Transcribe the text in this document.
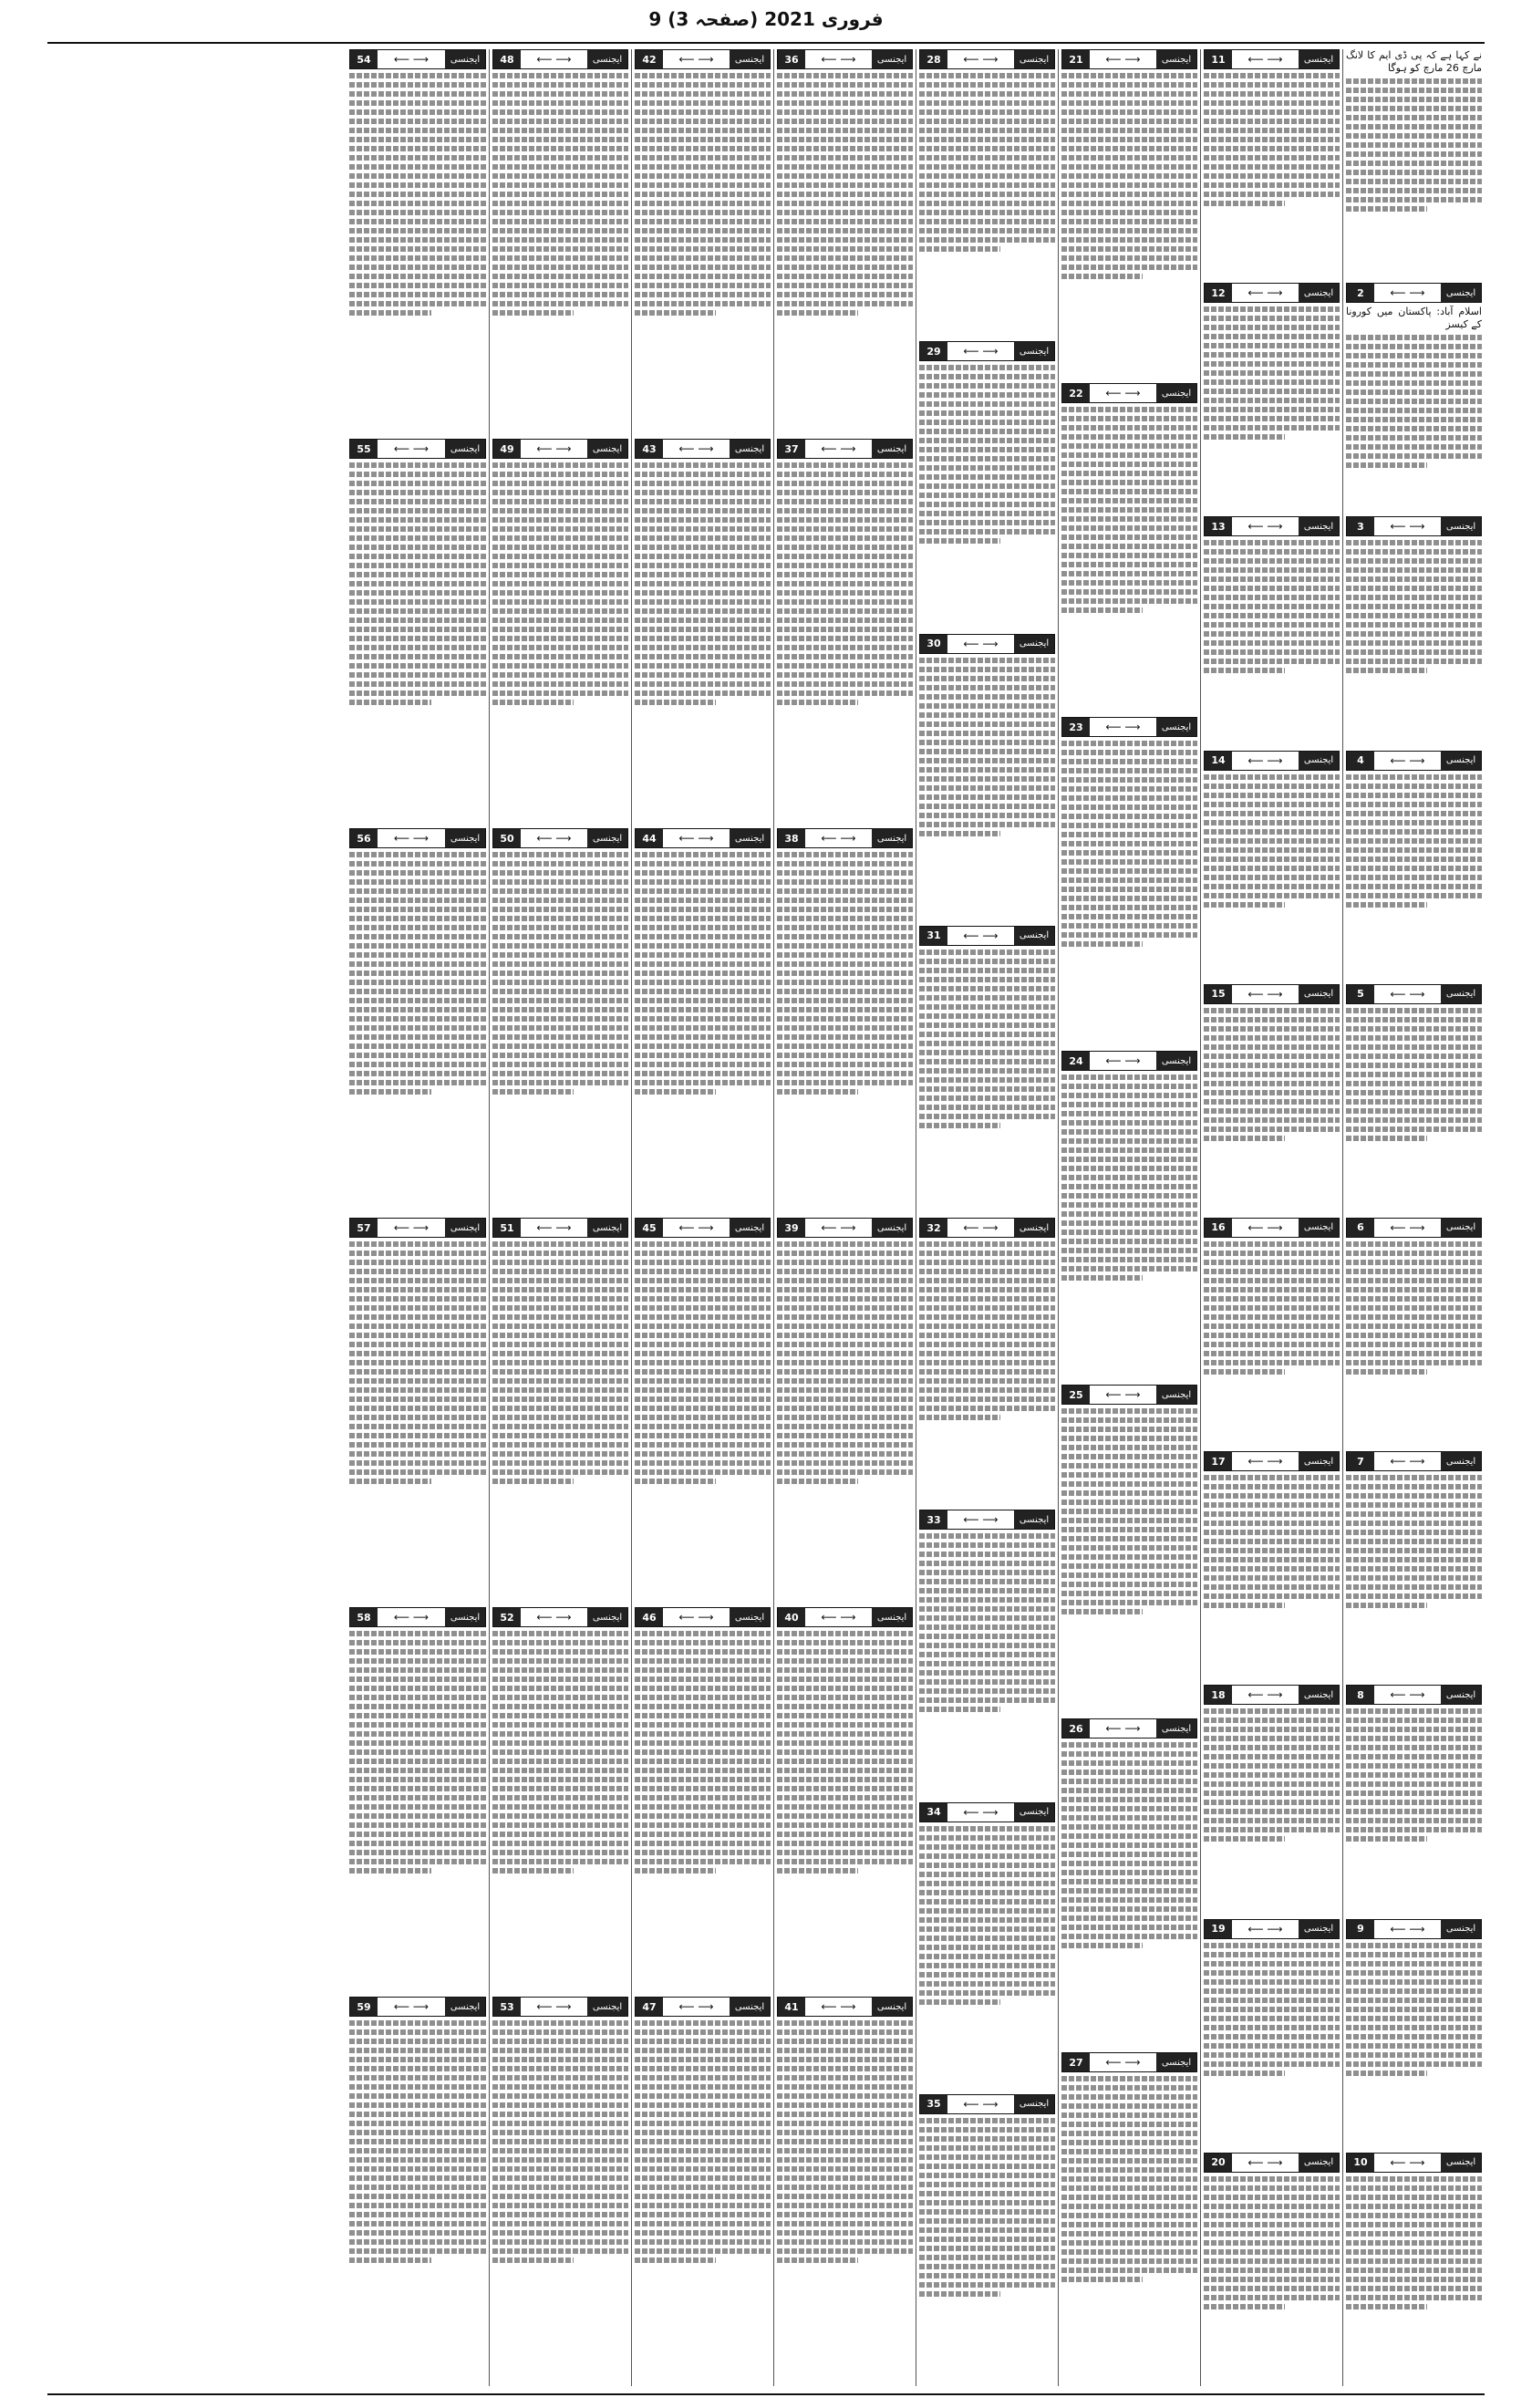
9 فروری 2021 (صفحہ 3)
نے کہا ہے کہ پی ڈی ایم کا لانگ مارچ 26 مارچ کو ہوگا
ایجنسی
⟵ ⟶
2
اسلام آباد: پاکستان میں کورونا کے کیسز
ایجنسی
⟵ ⟶
3
ایجنسی
⟵ ⟶
4
ایجنسی
⟵ ⟶
5
ایجنسی
⟵ ⟶
6
ایجنسی
⟵ ⟶
7
ایجنسی
⟵ ⟶
8
ایجنسی
⟵ ⟶
9
ایجنسی
⟵ ⟶
10
ایجنسی
⟵ ⟶
11
ایجنسی
⟵ ⟶
12
ایجنسی
⟵ ⟶
13
ایجنسی
⟵ ⟶
14
ایجنسی
⟵ ⟶
15
ایجنسی
⟵ ⟶
16
ایجنسی
⟵ ⟶
17
ایجنسی
⟵ ⟶
18
ایجنسی
⟵ ⟶
19
ایجنسی
⟵ ⟶
20
ایجنسی
⟵ ⟶
21
ایجنسی
⟵ ⟶
22
ایجنسی
⟵ ⟶
23
ایجنسی
⟵ ⟶
24
ایجنسی
⟵ ⟶
25
ایجنسی
⟵ ⟶
26
ایجنسی
⟵ ⟶
27
ایجنسی
⟵ ⟶
28
ایجنسی
⟵ ⟶
29
ایجنسی
⟵ ⟶
30
ایجنسی
⟵ ⟶
31
ایجنسی
⟵ ⟶
32
ایجنسی
⟵ ⟶
33
ایجنسی
⟵ ⟶
34
ایجنسی
⟵ ⟶
35
ایجنسی
⟵ ⟶
36
ایجنسی
⟵ ⟶
37
ایجنسی
⟵ ⟶
38
ایجنسی
⟵ ⟶
39
ایجنسی
⟵ ⟶
40
ایجنسی
⟵ ⟶
41
ایجنسی
⟵ ⟶
42
ایجنسی
⟵ ⟶
43
ایجنسی
⟵ ⟶
44
ایجنسی
⟵ ⟶
45
ایجنسی
⟵ ⟶
46
ایجنسی
⟵ ⟶
47
ایجنسی
⟵ ⟶
48
ایجنسی
⟵ ⟶
49
ایجنسی
⟵ ⟶
50
ایجنسی
⟵ ⟶
51
ایجنسی
⟵ ⟶
52
ایجنسی
⟵ ⟶
53
ایجنسی
⟵ ⟶
54
ایجنسی
⟵ ⟶
55
ایجنسی
⟵ ⟶
56
ایجنسی
⟵ ⟶
57
ایجنسی
⟵ ⟶
58
ایجنسی
⟵ ⟶
59
